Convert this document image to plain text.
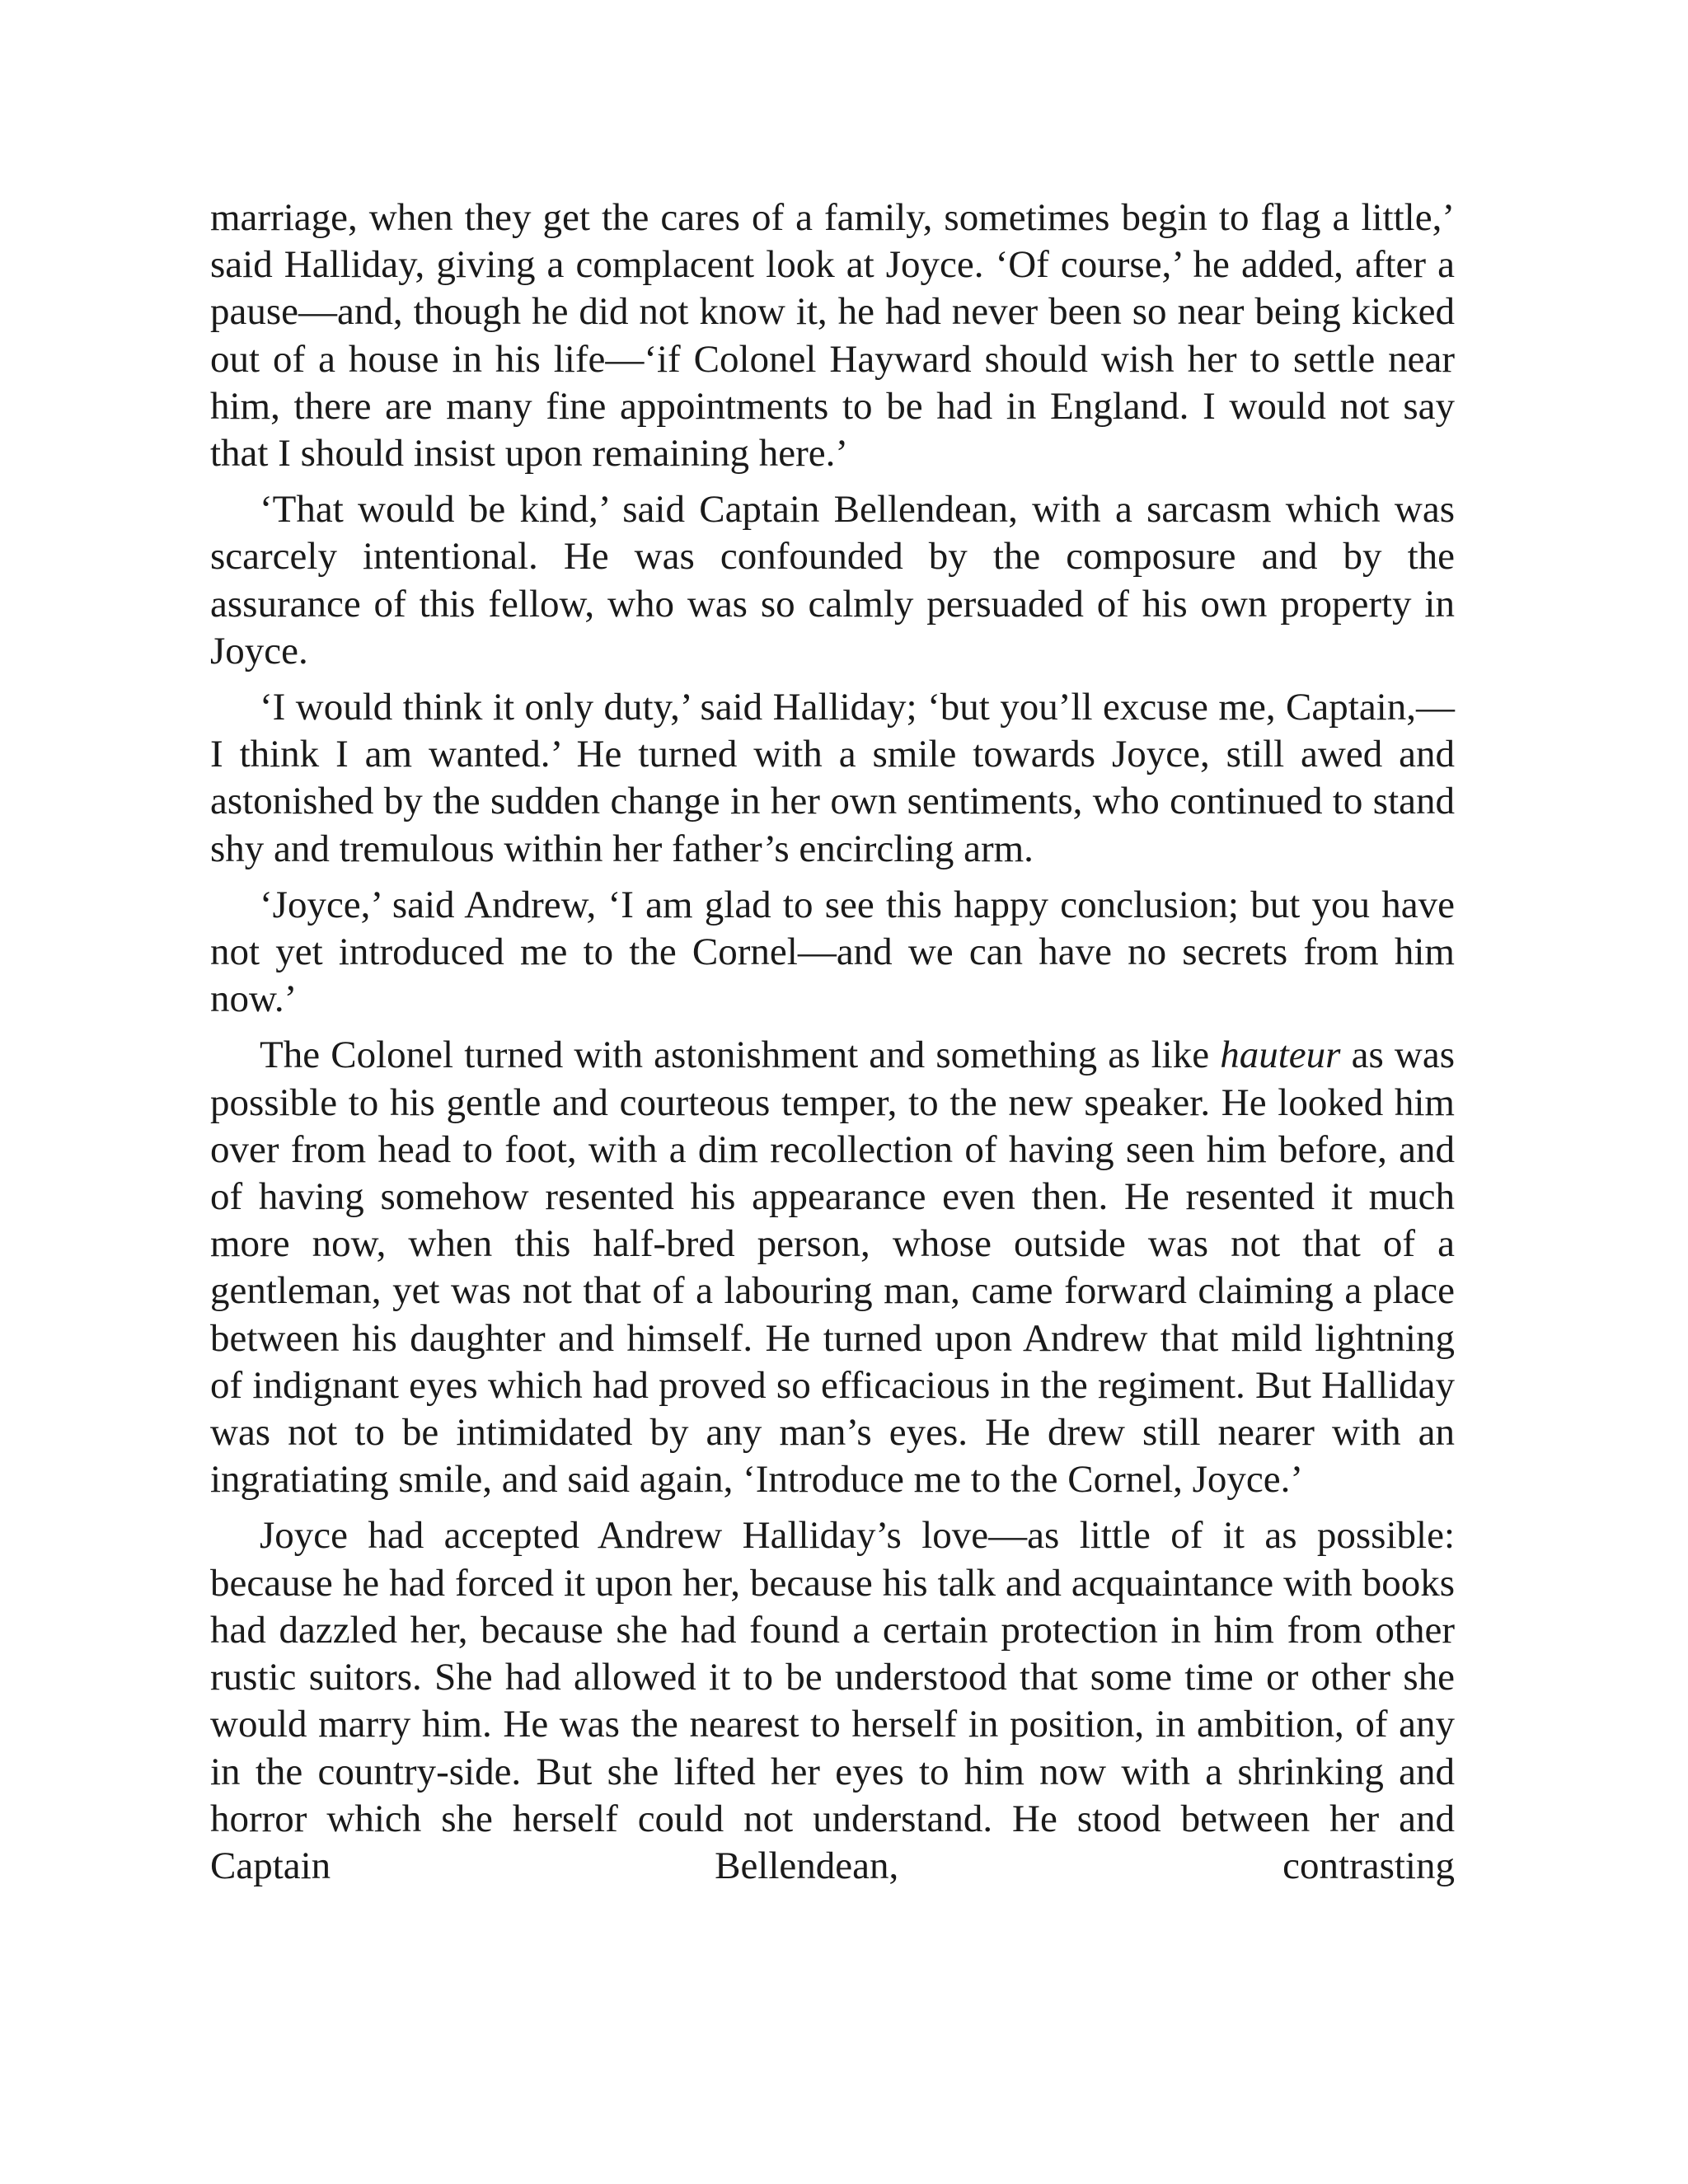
marriage, when they get the cares of a family, sometimes begin to flag a little,’ said Halliday, giving a complacent look at Joyce. ‘Of course,’ he added, after a pause—and, though he did not know it, he had never been so near being kicked out of a house in his life—‘if Colonel Hayward should wish her to settle near him, there are many fine appointments to be had in England. I would not say that I should insist upon remaining here.’

‘That would be kind,’ said Captain Bellendean, with a sarcasm which was scarcely intentional. He was confounded by the composure and by the assurance of this fellow, who was so calmly persuaded of his own property in Joyce.

‘I would think it only duty,’ said Halliday; ‘but you’ll excuse me, Captain,—I think I am wanted.’ He turned with a smile towards Joyce, still awed and astonished by the sudden change in her own sentiments, who continued to stand shy and tremulous within her father’s encircling arm.

‘Joyce,’ said Andrew, ‘I am glad to see this happy conclusion; but you have not yet introduced me to the Cornel—and we can have no secrets from him now.’

The Colonel turned with astonishment and something as like hauteur as was possible to his gentle and courteous temper, to the new speaker. He looked him over from head to foot, with a dim recollection of having seen him before, and of having somehow resented his appearance even then. He resented it much more now, when this half-bred person, whose outside was not that of a gentleman, yet was not that of a labouring man, came forward claiming a place between his daughter and himself. He turned upon Andrew that mild lightning of indignant eyes which had proved so efficacious in the regiment. But Halliday was not to be intimidated by any man’s eyes. He drew still nearer with an ingratiating smile, and said again, ‘Introduce me to the Cornel, Joyce.’

Joyce had accepted Andrew Halliday’s love—as little of it as possible: because he had forced it upon her, because his talk and acquaintance with books had dazzled her, because she had found a certain protection in him from other rustic suitors. She had allowed it to be understood that some time or other she would marry him. He was the nearest to herself in position, in ambition, of any in the country-side. But she lifted her eyes to him now with a shrinking and horror which she herself could not understand. He stood between her and Captain Bellendean, contrasting
